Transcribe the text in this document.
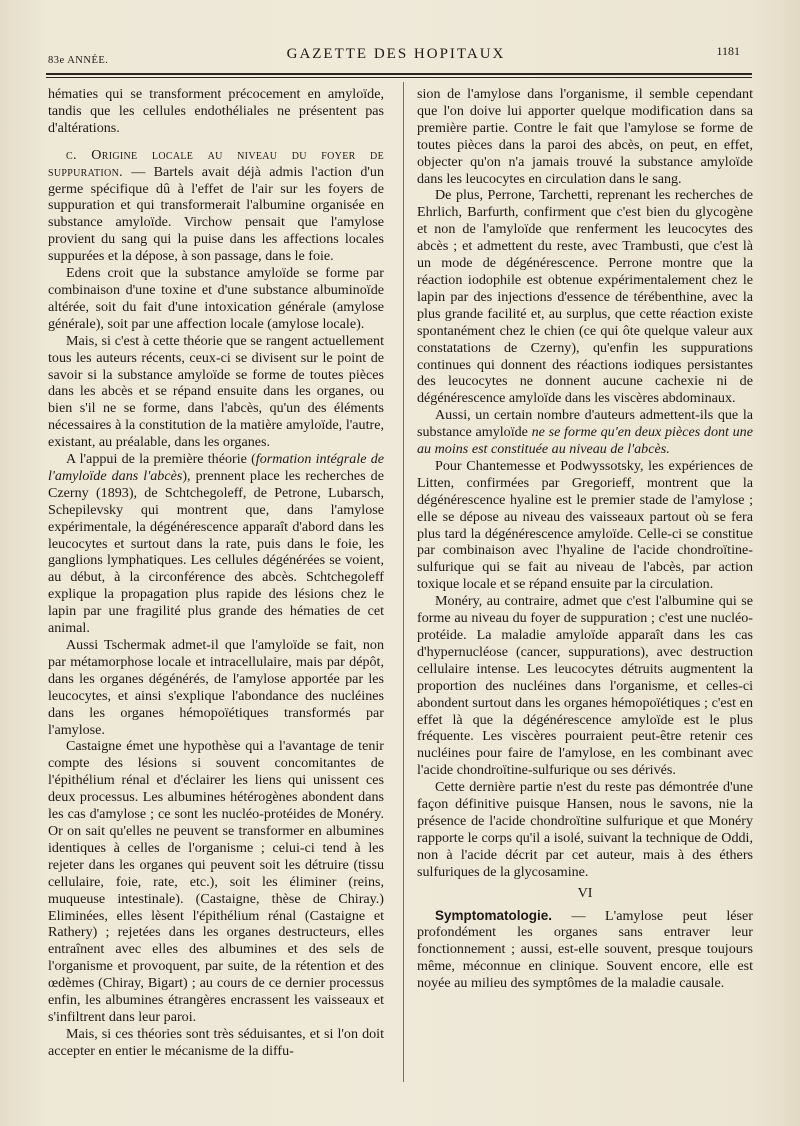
83e ANNÉE.	GAZETTE DES HOPITAUX	1181

hématies qui se transforment précocement en amyloïde, tandis que les cellules endothéliales ne présentent pas d'altérations.

c. Origine locale au niveau du foyer de suppuration. — Bartels avait déjà admis l'action d'un germe spécifique dû à l'effet de l'air sur les foyers de suppuration et qui transformerait l'albumine organisée en substance amyloïde. Virchow pensait que l'amylose provient du sang qui la puise dans les affections locales suppurées et la dépose, à son passage, dans le foie.

Edens croit que la substance amyloïde se forme par combinaison d'une toxine et d'une substance albuminoïde altérée, soit du fait d'une intoxication générale (amylose générale), soit par une affection locale (amylose locale).

Mais, si c'est à cette théorie que se rangent actuellement tous les auteurs récents, ceux-ci se divisent sur le point de savoir si la substance amyloïde se forme de toutes pièces dans les abcès et se répand ensuite dans les organes, ou bien s'il ne se forme, dans l'abcès, qu'un des éléments nécessaires à la constitution de la matière amyloïde, l'autre, existant, au préalable, dans les organes.

A l'appui de la première théorie (formation intégrale de l'amyloïde dans l'abcès), prennent place les recherches de Czerny (1893), de Schtchegoleff, de Petrone, Lubarsch, Schepilevsky qui montrent que, dans l'amylose expérimentale, la dégénérescence apparaît d'abord dans les leucocytes et surtout dans la rate, puis dans le foie, les ganglions lymphatiques. Les cellules dégénérées se voient, au début, à la circonférence des abcès. Schtchegoleff explique la propagation plus rapide des lésions chez le lapin par une fragilité plus grande des hématies de cet animal.

Aussi Tschermak admet-il que l'amyloïde se fait, non par métamorphose locale et intracellulaire, mais par dépôt, dans les organes dégénérés, de l'amylose apportée par les leucocytes, et ainsi s'explique l'abondance des nucléines dans les organes hémopoïétiques transformés par l'amylose.

Castaigne émet une hypothèse qui a l'avantage de tenir compte des lésions si souvent concomitantes de l'épithélium rénal et d'éclairer les liens qui unissent ces deux processus. Les albumines hétérogènes abondent dans les cas d'amylose ; ce sont les nucléo-protéides de Monéry. Or on sait qu'elles ne peuvent se transformer en albumines identiques à celles de l'organisme ; celui-ci tend à les rejeter dans les organes qui peuvent soit les détruire (tissu cellulaire, foie, rate, etc.), soit les éliminer (reins, muqueuse intestinale). (Castaigne, thèse de Chiray.) Eliminées, elles lèsent l'épithélium rénal (Castaigne et Rathery) ; rejetées dans les organes destructeurs, elles entraînent avec elles des albumines et des sels de l'organisme et provoquent, par suite, de la rétention et des œdèmes (Chiray, Bigart) ; au cours de ce dernier processus enfin, les albumines étrangères encrassent les vaisseaux et s'infiltrent dans leur paroi.

Mais, si ces théories sont très séduisantes, et si l'on doit accepter en entier le mécanisme de la diffu-

sion de l'amylose dans l'organisme, il semble cependant que l'on doive lui apporter quelque modification dans sa première partie. Contre le fait que l'amylose se forme de toutes pièces dans la paroi des abcès, on peut, en effet, objecter qu'on n'a jamais trouvé la substance amyloïde dans les leucocytes en circulation dans le sang.

De plus, Perrone, Tarchetti, reprenant les recherches de Ehrlich, Barfurth, confirment que c'est bien du glycogène et non de l'amyloïde que renferment les leucocytes des abcès ; et admettent du reste, avec Trambusti, que c'est là un mode de dégénérescence. Perrone montre que la réaction iodophile est obtenue expérimentalement chez le lapin par des injections d'essence de térébenthine, avec la plus grande facilité et, au surplus, que cette réaction existe spontanément chez le chien (ce qui ôte quelque valeur aux constatations de Czerny), qu'enfin les suppurations continues qui donnent des réactions iodiques persistantes des leucocytes ne donnent aucune cachexie ni de dégénérescence amyloïde dans les viscères abdominaux.

Aussi, un certain nombre d'auteurs admettent-ils que la substance amyloïde ne se forme qu'en deux pièces dont une au moins est constituée au niveau de l'abcès.

Pour Chantemesse et Podwyssotsky, les expériences de Litten, confirmées par Gregorieff, montrent que la dégénérescence hyaline est le premier stade de l'amylose ; elle se dépose au niveau des vaisseaux partout où se fera plus tard la dégénérescence amyloïde. Celle-ci se constitue par combinaison avec l'hyaline de l'acide chondroïtine-sulfurique qui se fait au niveau de l'abcès, par action toxique locale et se répand ensuite par la circulation.

Monéry, au contraire, admet que c'est l'albumine qui se forme au niveau du foyer de suppuration ; c'est une nucléo-protéide. La maladie amyloïde apparaît dans les cas d'hypernucléose (cancer, suppurations), avec destruction cellulaire intense. Les leucocytes détruits augmentent la proportion des nucléines dans l'organisme, et celles-ci abondent surtout dans les organes hémopoïétiques ; c'est en effet là que la dégénérescence amyloïde est le plus fréquente. Les viscères pourraient peut-être retenir ces nucléines pour faire de l'amylose, en les combinant avec l'acide chondroïtine-sulfurique ou ses dérivés.

Cette dernière partie n'est du reste pas démontrée d'une façon définitive puisque Hansen, nous le savons, nie la présence de l'acide chondroïtine sulfurique et que Monéry rapporte le corps qu'il a isolé, suivant la technique de Oddi, non à l'acide décrit par cet auteur, mais à des éthers sulfuriques de la glycosamine.

VI

Symptomatologie. — L'amylose peut léser profondément les organes sans entraver leur fonctionnement ; aussi, est-elle souvent, presque toujours même, méconnue en clinique. Souvent encore, elle est noyée au milieu des symptômes de la maladie causale.
